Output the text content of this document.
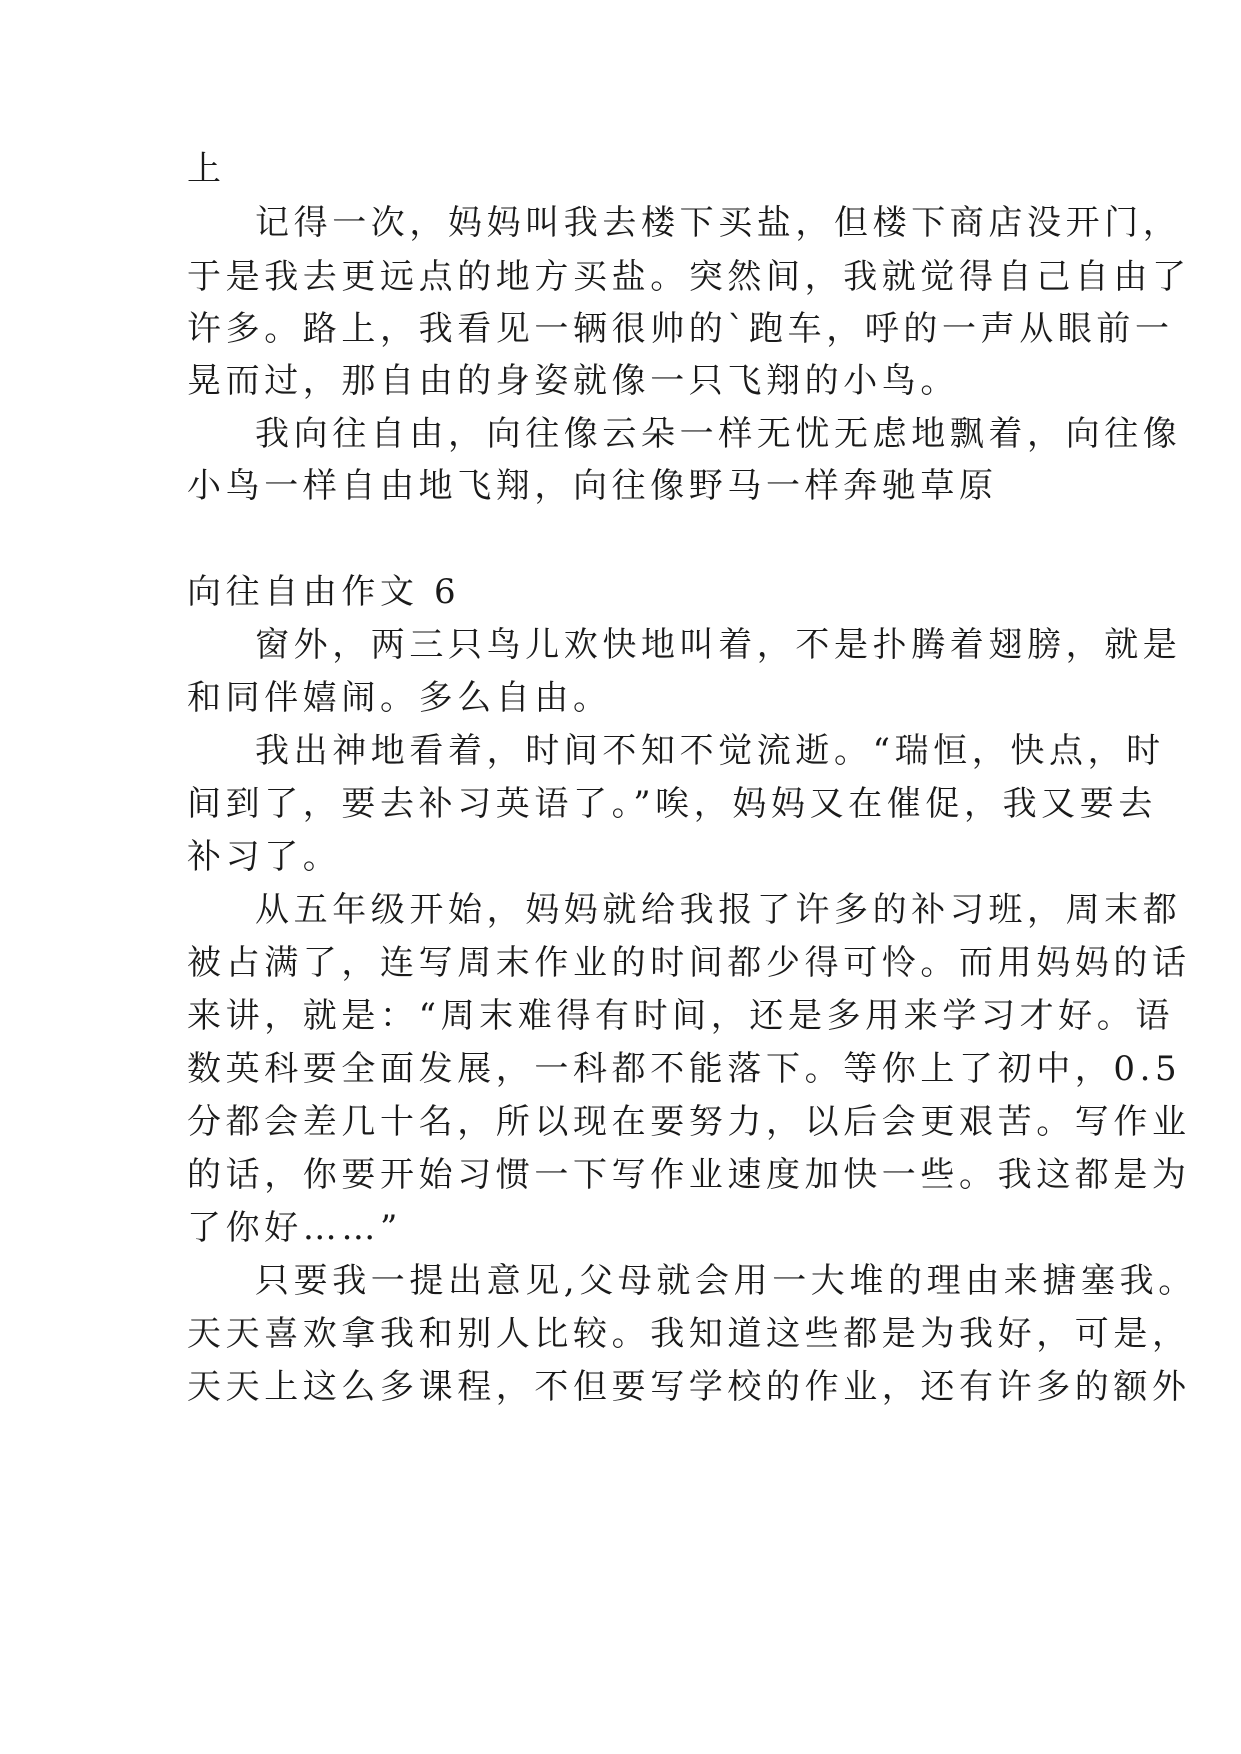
上
记得一次，妈妈叫我去楼下买盐，但楼下商店没开门，
于是我去更远点的地方买盐。突然间，我就觉得自己自由了
许多。路上，我看见一辆很帅的`跑车，呼的一声从眼前一
晃而过，那自由的身姿就像一只飞翔的小鸟。
我向往自由，向往像云朵一样无忧无虑地飘着，向往像
小鸟一样自由地飞翔，向往像野马一样奔驰草原
向往自由作文 6
窗外，两三只鸟儿欢快地叫着，不是扑腾着翅膀，就是
和同伴嬉闹。多么自由。
我出神地看着，时间不知不觉流逝。“瑞恒，快点，时
间到了，要去补习英语了。”唉，妈妈又在催促，我又要去
补习了。
从五年级开始，妈妈就给我报了许多的补习班，周末都
被占满了，连写周末作业的时间都少得可怜。而用妈妈的话
来讲，就是：“周末难得有时间，还是多用来学习才好。语
数英科要全面发展，一科都不能落下。等你上了初中，0.5
分都会差几十名，所以现在要努力，以后会更艰苦。写作业
的话，你要开始习惯一下写作业速度加快一些。我这都是为
了你好……”
只要我一提出意见,父母就会用一大堆的理由来搪塞我。
天天喜欢拿我和别人比较。我知道这些都是为我好，可是，
天天上这么多课程，不但要写学校的作业，还有许多的额外
